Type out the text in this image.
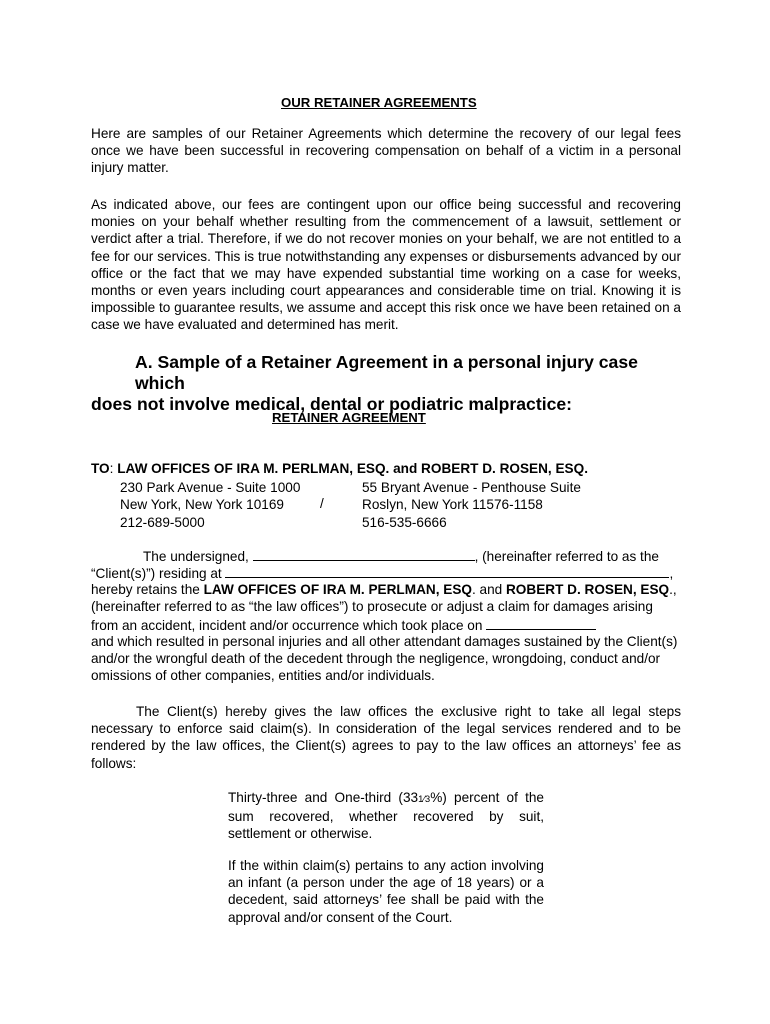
OUR RETAINER AGREEMENTS
Here are samples of our Retainer Agreements which determine the recovery of our legal fees once we have been successful in recovering compensation on behalf of a victim in a personal injury matter.
As indicated above, our fees are contingent upon our office being successful and recovering monies on your behalf whether resulting from the commencement of a lawsuit, settlement or verdict after a trial. Therefore, if we do not recover monies on your behalf, we are not entitled to a fee for our services. This is true notwithstanding any expenses or disbursements advanced by our office or the fact that we may have expended substantial time working on a case for weeks, months or even years including court appearances and considerable time on trial. Knowing it is impossible to guarantee results, we assume and accept this risk once we have been retained on a case we have evaluated and determined has merit.
A. Sample of a Retainer Agreement in a personal injury case which
does not involve medical, dental or podiatric malpractice:
RETAINER AGREEMENT
TO: LAW OFFICES OF IRA M. PERLMAN, ESQ. and ROBERT D. ROSEN, ESQ.
230 Park Avenue - Suite 1000
New York, New York 10169
212-689-5000
/
55 Bryant Avenue - Penthouse Suite
Roslyn, New York 11576-1158
516-535-6666
The undersigned,	, (hereinafter referred to as the
“Client(s)”) residing at	,
hereby retains the LAW OFFICES OF IRA M. PERLMAN, ESQ. and ROBERT D. ROSEN, ESQ.,
(hereinafter referred to as “the law offices”) to prosecute or adjust a claim for damages arising
from an accident, incident and/or occurrence which took place on
and which resulted in personal injuries and all other attendant damages sustained by the Client(s)
and/or the wrongful death of the decedent through the negligence, wrongdoing, conduct and/or
omissions of other companies, entities and/or individuals.
The Client(s) hereby gives the law offices the exclusive right to take all legal steps necessary to enforce said claim(s). In consideration of the legal services rendered and to be rendered by the law offices, the Client(s) agrees to pay to the law offices an attorneys’ fee as follows:
Thirty-three and One-third (331⁄3%) percent of the sum recovered, whether recovered by suit, settlement or otherwise.
If the within claim(s) pertains to any action involving an infant (a person under the age of 18 years) or a decedent, said attorneys’ fee shall be paid with the approval and/or consent of the Court.
